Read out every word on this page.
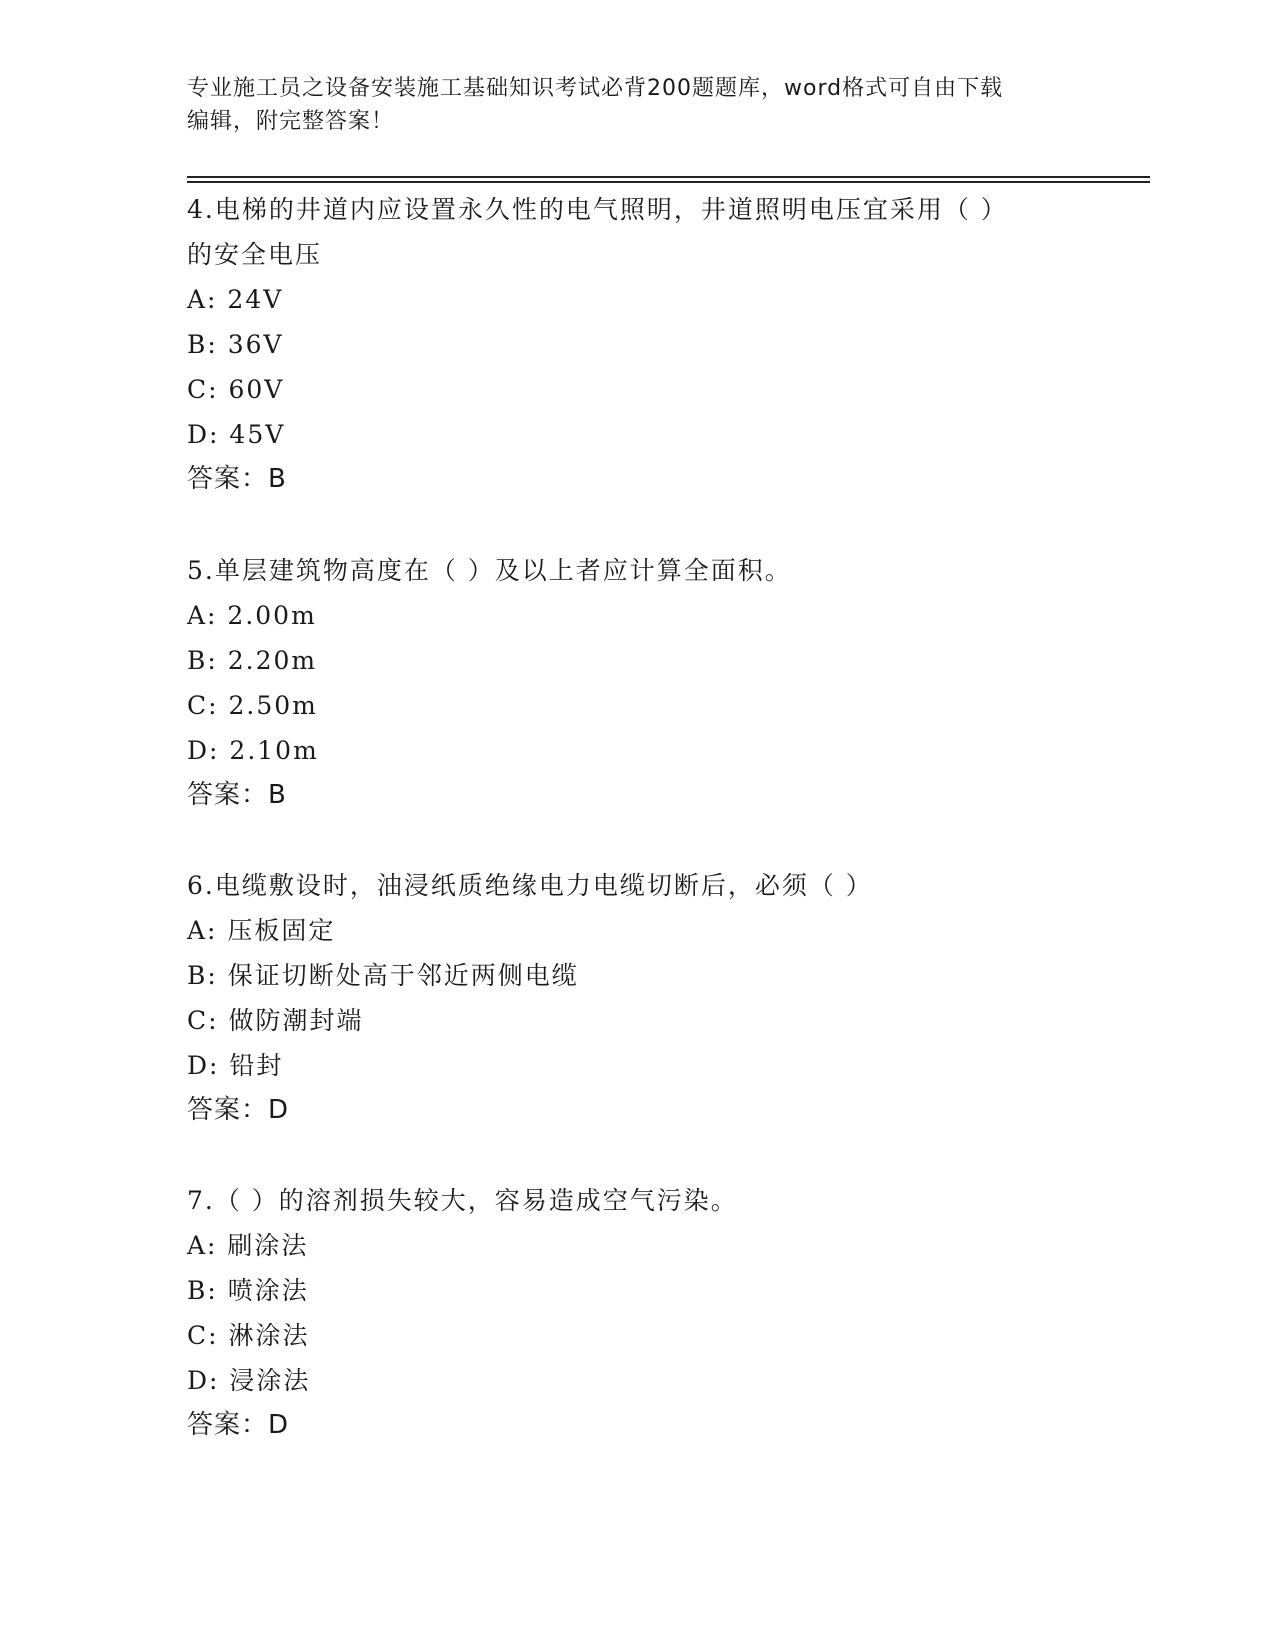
专业施工员之设备安装施工基础知识考试必背200题题库，word格式可自由下载
编辑，附完整答案！
4.电梯的井道内应设置永久性的电气照明，井道照明电压宜采用（ ）
的安全电压
A: 24V
B: 36V
C: 60V
D: 45V
答案：B
5.单层建筑物高度在（ ）及以上者应计算全面积。
A: 2.00m
B: 2.20m
C: 2.50m
D: 2.10m
答案：B
6.电缆敷设时，油浸纸质绝缘电力电缆切断后，必须（ ）
A: 压板固定
B: 保证切断处高于邻近两侧电缆
C: 做防潮封端
D: 铅封
答案：D
7.（ ）的溶剂损失较大，容易造成空气污染。
A: 刷涂法
B: 喷涂法
C: 淋涂法
D: 浸涂法
答案：D
